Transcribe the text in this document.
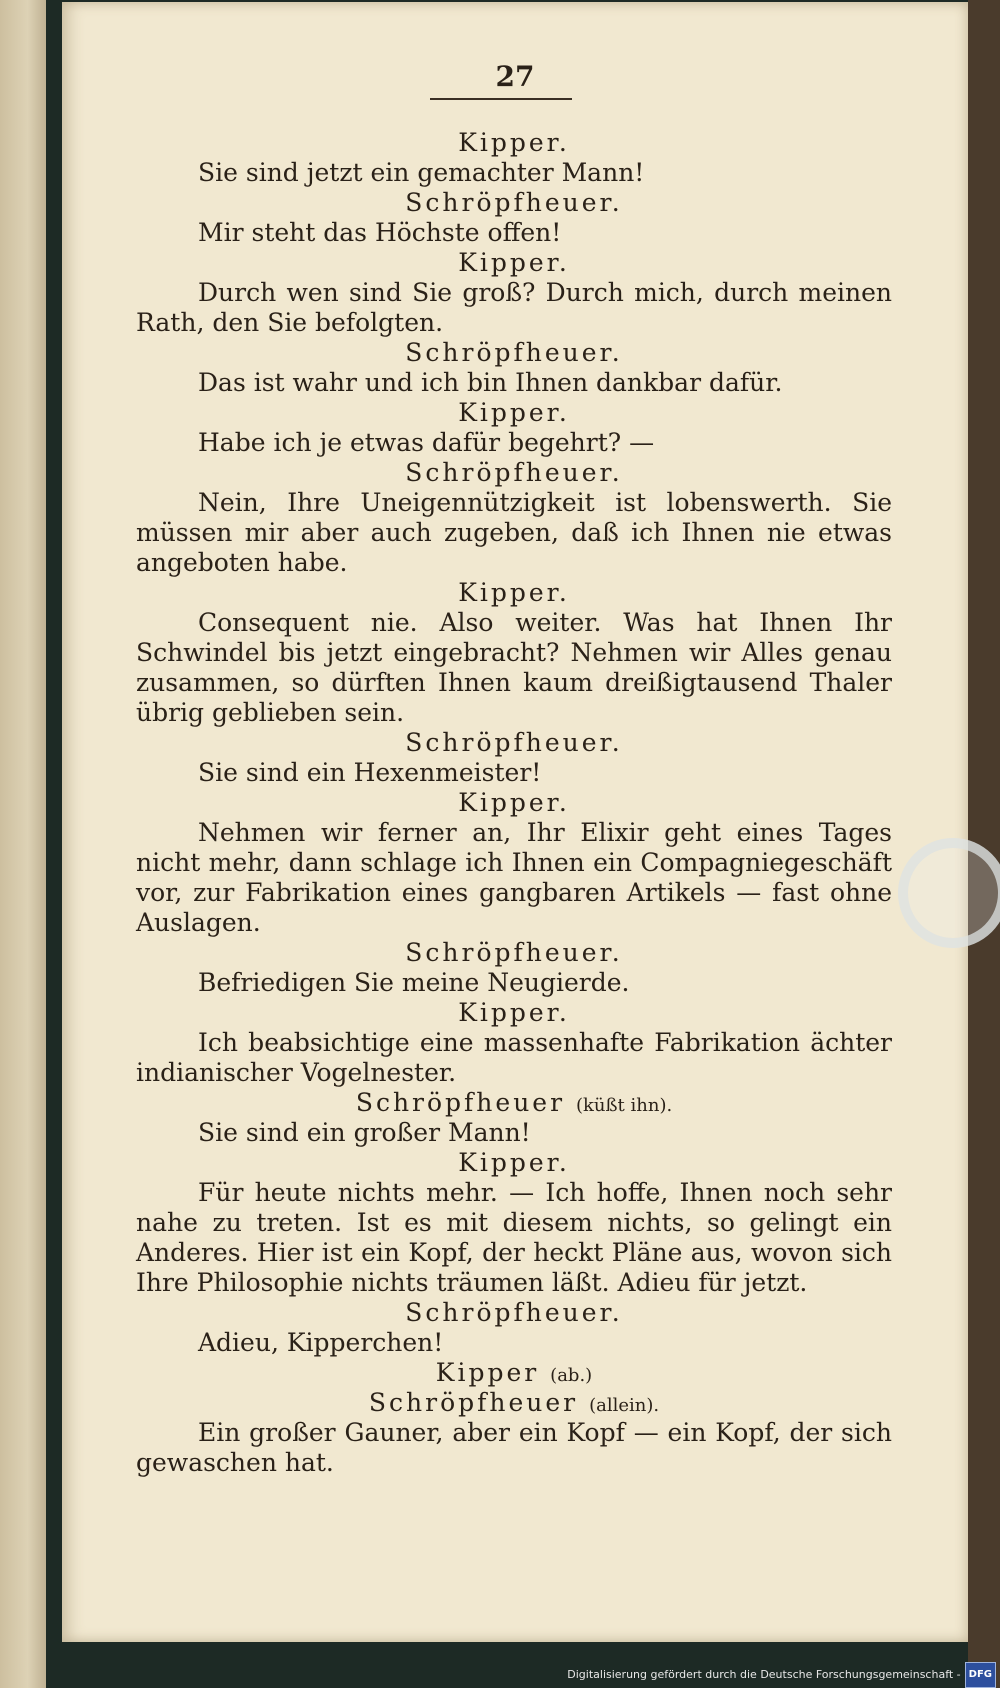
27
Kipper.
Sie sind jetzt ein gemachter Mann!
Schröpfheuer.
Mir steht das Höchste offen!
Kipper.
Durch wen sind Sie groß? Durch mich, durch meinen Rath, den Sie befolgten.
Schröpfheuer.
Das ist wahr und ich bin Ihnen dankbar dafür.
Kipper.
Habe ich je etwas dafür begehrt? —
Schröpfheuer.
Nein, Ihre Uneigennützigkeit ist lobenswerth. Sie müssen mir aber auch zugeben, daß ich Ihnen nie etwas angeboten habe.
Kipper.
Consequent nie. Also weiter. Was hat Ihnen Ihr Schwindel bis jetzt eingebracht? Nehmen wir Alles genau zusammen, so dürften Ihnen kaum dreißigtausend Thaler übrig geblieben sein.
Schröpfheuer.
Sie sind ein Hexenmeister!
Kipper.
Nehmen wir ferner an, Ihr Elixir geht eines Tages nicht mehr, dann schlage ich Ihnen ein Compagniegeschäft vor, zur Fabrikation eines gangbaren Artikels — fast ohne Auslagen.
Schröpfheuer.
Befriedigen Sie meine Neugierde.
Kipper.
Ich beabsichtige eine massenhafte Fabrikation ächter indianischer Vogelnester.
Schröpfheuer (küßt ihn).
Sie sind ein großer Mann!
Kipper.
Für heute nichts mehr. — Ich hoffe, Ihnen noch sehr nahe zu treten. Ist es mit diesem nichts, so gelingt ein Anderes. Hier ist ein Kopf, der heckt Pläne aus, wovon sich Ihre Philosophie nichts träumen läßt. Adieu für jetzt.
Schröpfheuer.
Adieu, Kipperchen!
Kipper (ab.)
Schröpfheuer (allein).
Ein großer Gauner, aber ein Kopf — ein Kopf, der sich gewaschen hat.
Digitalisierung gefördert durch die Deutsche Forschungsgemeinschaft - DFG
